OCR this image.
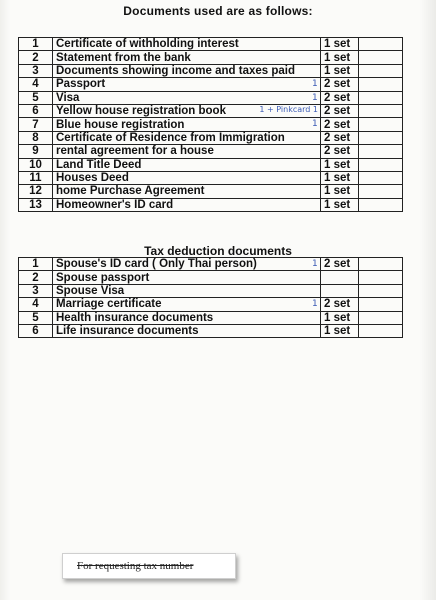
Documents used are as follows:
1	Certificate of withholding interest	1 set	
2	Statement from the bank	1 set	
3	Documents showing income and taxes paid	1 set	
4	Passport	1 2 set	
5	Visa	1 2 set	
6	Yellow house registration book 1 + Pinkcard 1	2 set	
7	Blue house registration	1 2 set	
8	Certificate of Residence from Immigration	2 set	
9	rental agreement for a house	2 set	
10	Land Title Deed	1 set	
11	Houses Deed	1 set	
12	home Purchase Agreement	1 set	
13	Homeowner's ID card	1 set	
Tax deduction documents
1	Spouse's ID card ( Only Thai person)	1 2 set	
2	Spouse passport		
3	Spouse Visa		
4	Marriage certificate	1 2 set	
5	Health insurance documents	1 set	
6	Life insurance documents	1 set	
For requesting tax number
